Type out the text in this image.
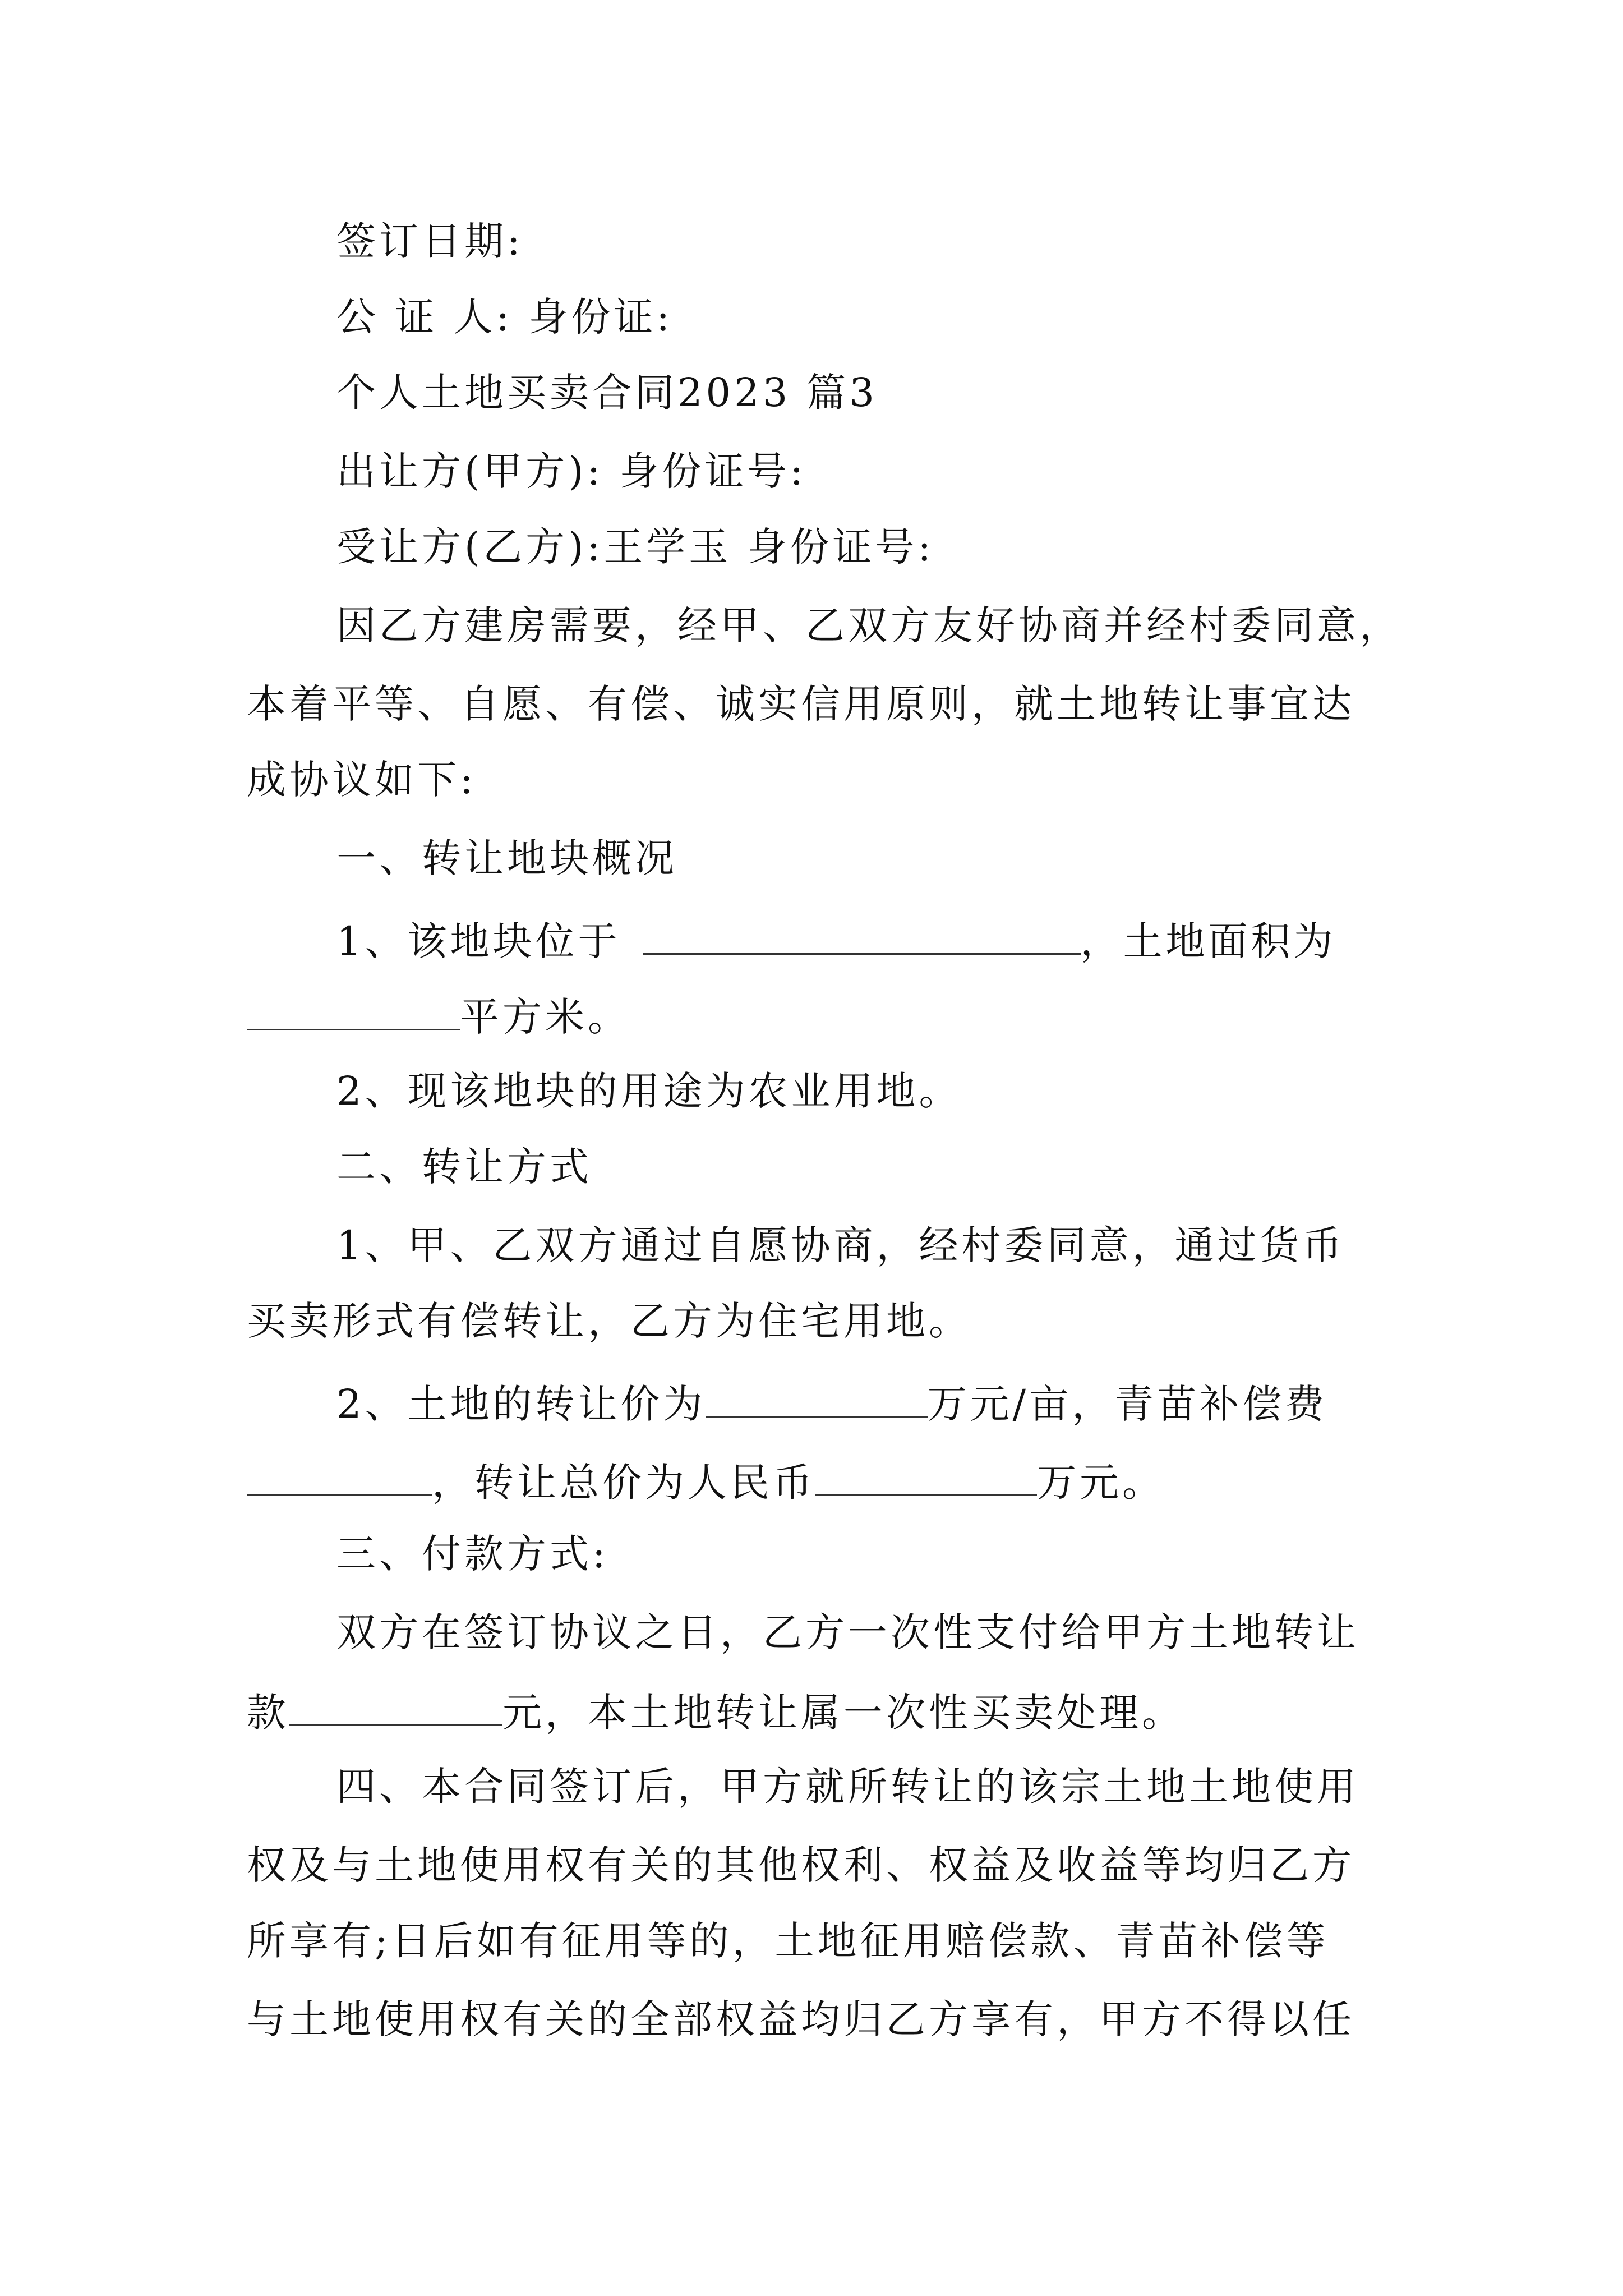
签订日期:
公 证 人: 身份证:
个人土地买卖合同2023 篇3
出让方(甲方): 身份证号:
受让方(乙方):王学玉 身份证号:
因乙方建房需要，经甲、乙双方友好协商并经村委同意，
本着平等、自愿、有偿、诚实信用原则，就土地转让事宜达
成协议如下:
一、转让地块概况
1、该地块位于	，土地面积为
平方米。
2、现该地块的用途为农业用地。
二、转让方式
1、甲、乙双方通过自愿协商，经村委同意，通过货币
买卖形式有偿转让，乙方为住宅用地。
2、土地的转让价为	万元/亩，青苗补偿费
，转让总价为人民币	万元。
三、付款方式:
双方在签订协议之日，乙方一次性支付给甲方土地转让
款	元，本土地转让属一次性买卖处理。
四、本合同签订后，甲方就所转让的该宗土地土地使用
权及与土地使用权有关的其他权利、权益及收益等均归乙方
所享有;日后如有征用等的，土地征用赔偿款、青苗补偿等
与土地使用权有关的全部权益均归乙方享有，甲方不得以任
